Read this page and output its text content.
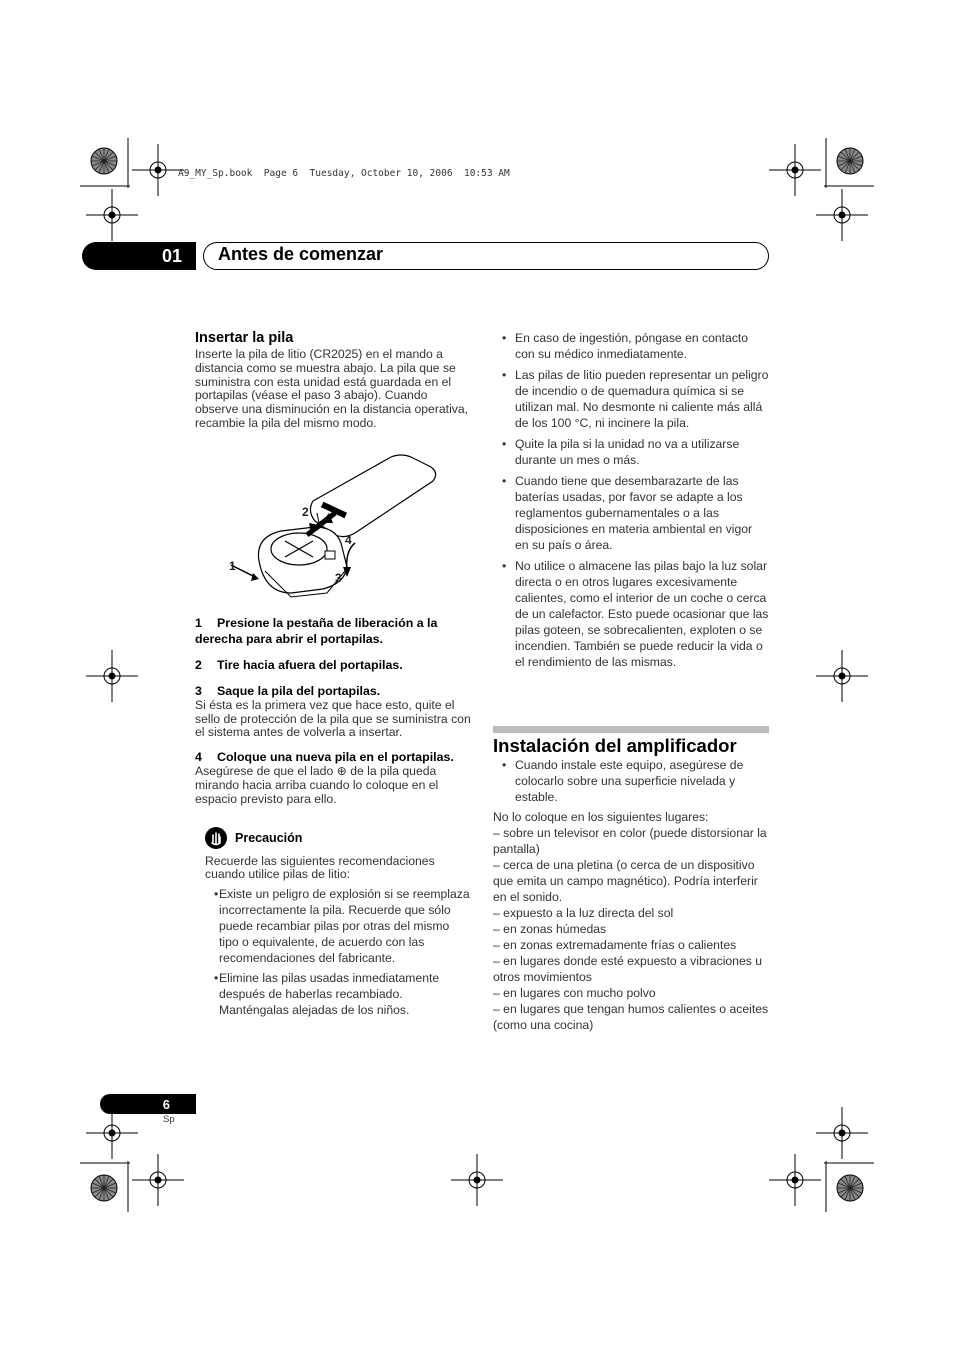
A9_MY_Sp.book  Page 6  Tuesday, October 10, 2006  10:53 AM
01	Antes de comenzar
Insertar la pila
Inserte la pila de litio (CR2025) en el mando a distancia como se muestra abajo. La pila que se suministra con esta unidad está guardada en el portapilas (véase el paso 3 abajo). Cuando observe una disminución en la distancia operativa, recambie la pila del mismo modo.
2
4
1
3
1 Presione la pestaña de liberación a la derecha para abrir el portapilas.
2 Tire hacia afuera del portapilas.
3 Saque la pila del portapilas.
Si ésta es la primera vez que hace esto, quite el sello de protección de la pila que se suministra con el sistema antes de volverla a insertar.
4 Coloque una nueva pila en el portapilas.
Asegúrese de que el lado ⊕ de la pila queda mirando hacia arriba cuando lo coloque en el espacio previsto para ello.
Precaución
Recuerde las siguientes recomendaciones cuando utilice pilas de litio:
• Existe un peligro de explosión si se reemplaza incorrectamente la pila. Recuerde que sólo puede recambiar pilas por otras del mismo tipo o equivalente, de acuerdo con las recomendaciones del fabricante.
• Elimine las pilas usadas inmediatamente después de haberlas recambiado. Manténgalas alejadas de los niños.
• En caso de ingestión, póngase en contacto con su médico inmediatamente.
• Las pilas de litio pueden representar un peligro de incendio o de quemadura química si se utilizan mal. No desmonte ni caliente más allá de los 100 °C, ni incinere la pila.
• Quite la pila si la unidad no va a utilizarse durante un mes o más.
• Cuando tiene que desembarazarte de las baterías usadas, por favor se adapte a los reglamentos gubernamentales o a las disposiciones en materia ambiental en vigor en su país o área.
• No utilice o almacene las pilas bajo la luz solar directa o en otros lugares excesivamente calientes, como el interior de un coche o cerca de un calefactor. Esto puede ocasionar que las pilas goteen, se sobrecalienten, exploten o se incendien. También se puede reducir la vida o el rendimiento de las mismas.
Instalación del amplificador
• Cuando instale este equipo, asegúrese de colocarlo sobre una superficie nivelada y estable.
No lo coloque en los siguientes lugares:
– sobre un televisor en color (puede distorsionar la pantalla)
– cerca de una pletina (o cerca de un dispositivo que emita un campo magnético). Podría interferir en el sonido.
– expuesto a la luz directa del sol
– en zonas húmedas
– en zonas extremadamente frías o calientes
– en lugares donde esté expuesto a vibraciones u otros movimientos
– en lugares con mucho polvo
– en lugares que tengan humos calientes o aceites (como una cocina)
6
Sp
